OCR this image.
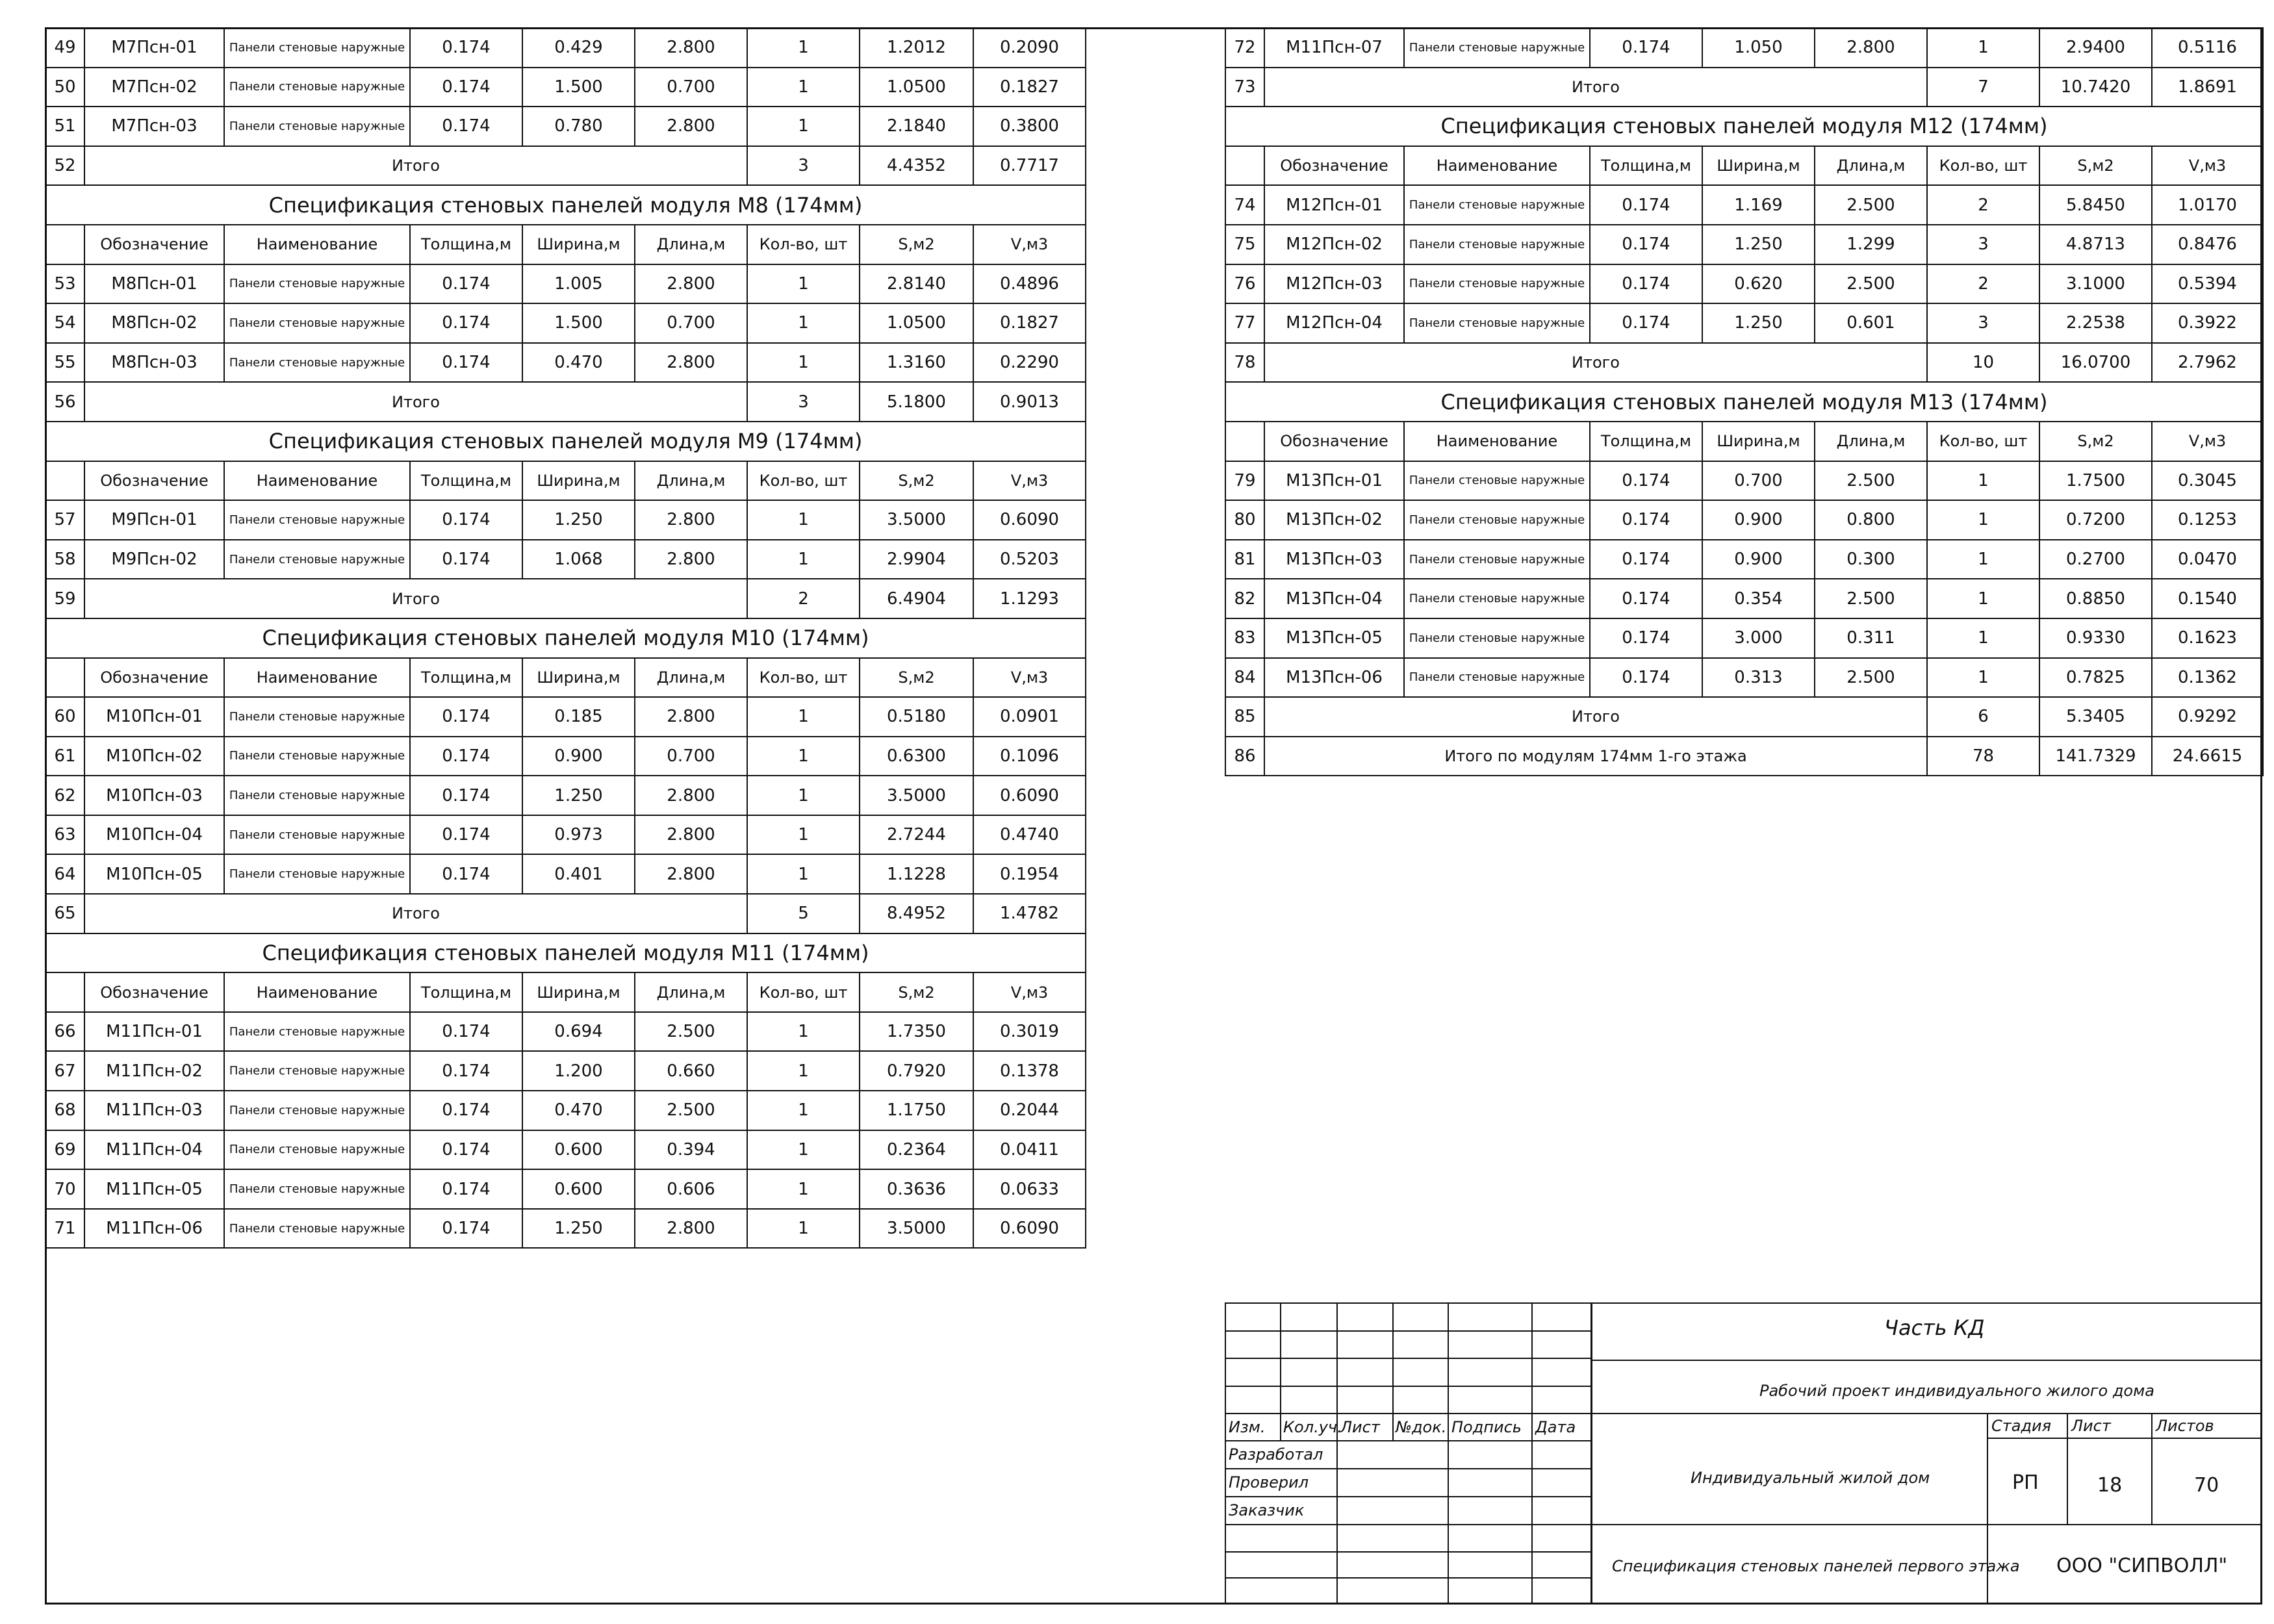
49	М7Псн-01	Панели стеновые наружные	0.174	0.429	2.800	1	1.2012	0.2090
50	М7Псн-02	Панели стеновые наружные	0.174	1.500	0.700	1	1.0500	0.1827
51	М7Псн-03	Панели стеновые наружные	0.174	0.780	2.800	1	2.1840	0.3800
52	Итого					3	4.4352	0.7717
Спецификация стеновых панелей модуля М8 (174мм)								
	Обозначение	Наименование	Толщина,м	Ширина,м	Длина,м	Кол-во, шт	S,м2	V,м3
53	М8Псн-01	Панели стеновые наружные	0.174	1.005	2.800	1	2.8140	0.4896
54	М8Псн-02	Панели стеновые наружные	0.174	1.500	0.700	1	1.0500	0.1827
55	М8Псн-03	Панели стеновые наружные	0.174	0.470	2.800	1	1.3160	0.2290
56	Итого					3	5.1800	0.9013
Спецификация стеновых панелей модуля М9 (174мм)								
	Обозначение	Наименование	Толщина,м	Ширина,м	Длина,м	Кол-во, шт	S,м2	V,м3
57	М9Псн-01	Панели стеновые наружные	0.174	1.250	2.800	1	3.5000	0.6090
58	М9Псн-02	Панели стеновые наружные	0.174	1.068	2.800	1	2.9904	0.5203
59	Итого					2	6.4904	1.1293
Спецификация стеновых панелей модуля М10 (174мм)								
	Обозначение	Наименование	Толщина,м	Ширина,м	Длина,м	Кол-во, шт	S,м2	V,м3
60	М10Псн-01	Панели стеновые наружные	0.174	0.185	2.800	1	0.5180	0.0901
61	М10Псн-02	Панели стеновые наружные	0.174	0.900	0.700	1	0.6300	0.1096
62	М10Псн-03	Панели стеновые наружные	0.174	1.250	2.800	1	3.5000	0.6090
63	М10Псн-04	Панели стеновые наружные	0.174	0.973	2.800	1	2.7244	0.4740
64	М10Псн-05	Панели стеновые наружные	0.174	0.401	2.800	1	1.1228	0.1954
65	Итого					5	8.4952	1.4782
Спецификация стеновых панелей модуля М11 (174мм)								
	Обозначение	Наименование	Толщина,м	Ширина,м	Длина,м	Кол-во, шт	S,м2	V,м3
66	М11Псн-01	Панели стеновые наружные	0.174	0.694	2.500	1	1.7350	0.3019
67	М11Псн-02	Панели стеновые наружные	0.174	1.200	0.660	1	0.7920	0.1378
68	М11Псн-03	Панели стеновые наружные	0.174	0.470	2.500	1	1.1750	0.2044
69	М11Псн-04	Панели стеновые наружные	0.174	0.600	0.394	1	0.2364	0.0411
70	М11Псн-05	Панели стеновые наружные	0.174	0.600	0.606	1	0.3636	0.0633
71	М11Псн-06	Панели стеновые наружные	0.174	1.250	2.800	1	3.5000	0.6090
72	М11Псн-07	Панели стеновые наружные	0.174	1.050	2.800	1	2.9400	0.5116
73	Итого					7	10.7420	1.8691
Спецификация стеновых панелей модуля М12 (174мм)								
	Обозначение	Наименование	Толщина,м	Ширина,м	Длина,м	Кол-во, шт	S,м2	V,м3
74	М12Псн-01	Панели стеновые наружные	0.174	1.169	2.500	2	5.8450	1.0170
75	М12Псн-02	Панели стеновые наружные	0.174	1.250	1.299	3	4.8713	0.8476
76	М12Псн-03	Панели стеновые наружные	0.174	0.620	2.500	2	3.1000	0.5394
77	М12Псн-04	Панели стеновые наружные	0.174	1.250	0.601	3	2.2538	0.3922
78	Итого					10	16.0700	2.7962
Спецификация стеновых панелей модуля М13 (174мм)								
	Обозначение	Наименование	Толщина,м	Ширина,м	Длина,м	Кол-во, шт	S,м2	V,м3
79	М13Псн-01	Панели стеновые наружные	0.174	0.700	2.500	1	1.7500	0.3045
80	М13Псн-02	Панели стеновые наружные	0.174	0.900	0.800	1	0.7200	0.1253
81	М13Псн-03	Панели стеновые наружные	0.174	0.900	0.300	1	0.2700	0.0470
82	М13Псн-04	Панели стеновые наружные	0.174	0.354	2.500	1	0.8850	0.1540
83	М13Псн-05	Панели стеновые наружные	0.174	3.000	0.311	1	0.9330	0.1623
84	М13Псн-06	Панели стеновые наружные	0.174	0.313	2.500	1	0.7825	0.1362
85	Итого					6	5.3405	0.9292
86	Итого по модулям 174мм 1-го этажа					78	141.7329	24.6615
Изм. Кол.уч.
Лист №док. Подпись Дата
Разработал
Проверил
Заказчик
Часть КД
Рабочий проект индивидуального жилого дома
Индивидуальный жилой дом
Спецификация стеновых панелей первого этажа
Стадия Лист	Листов
РП	18	70
ООО "СИПВОЛЛ"
